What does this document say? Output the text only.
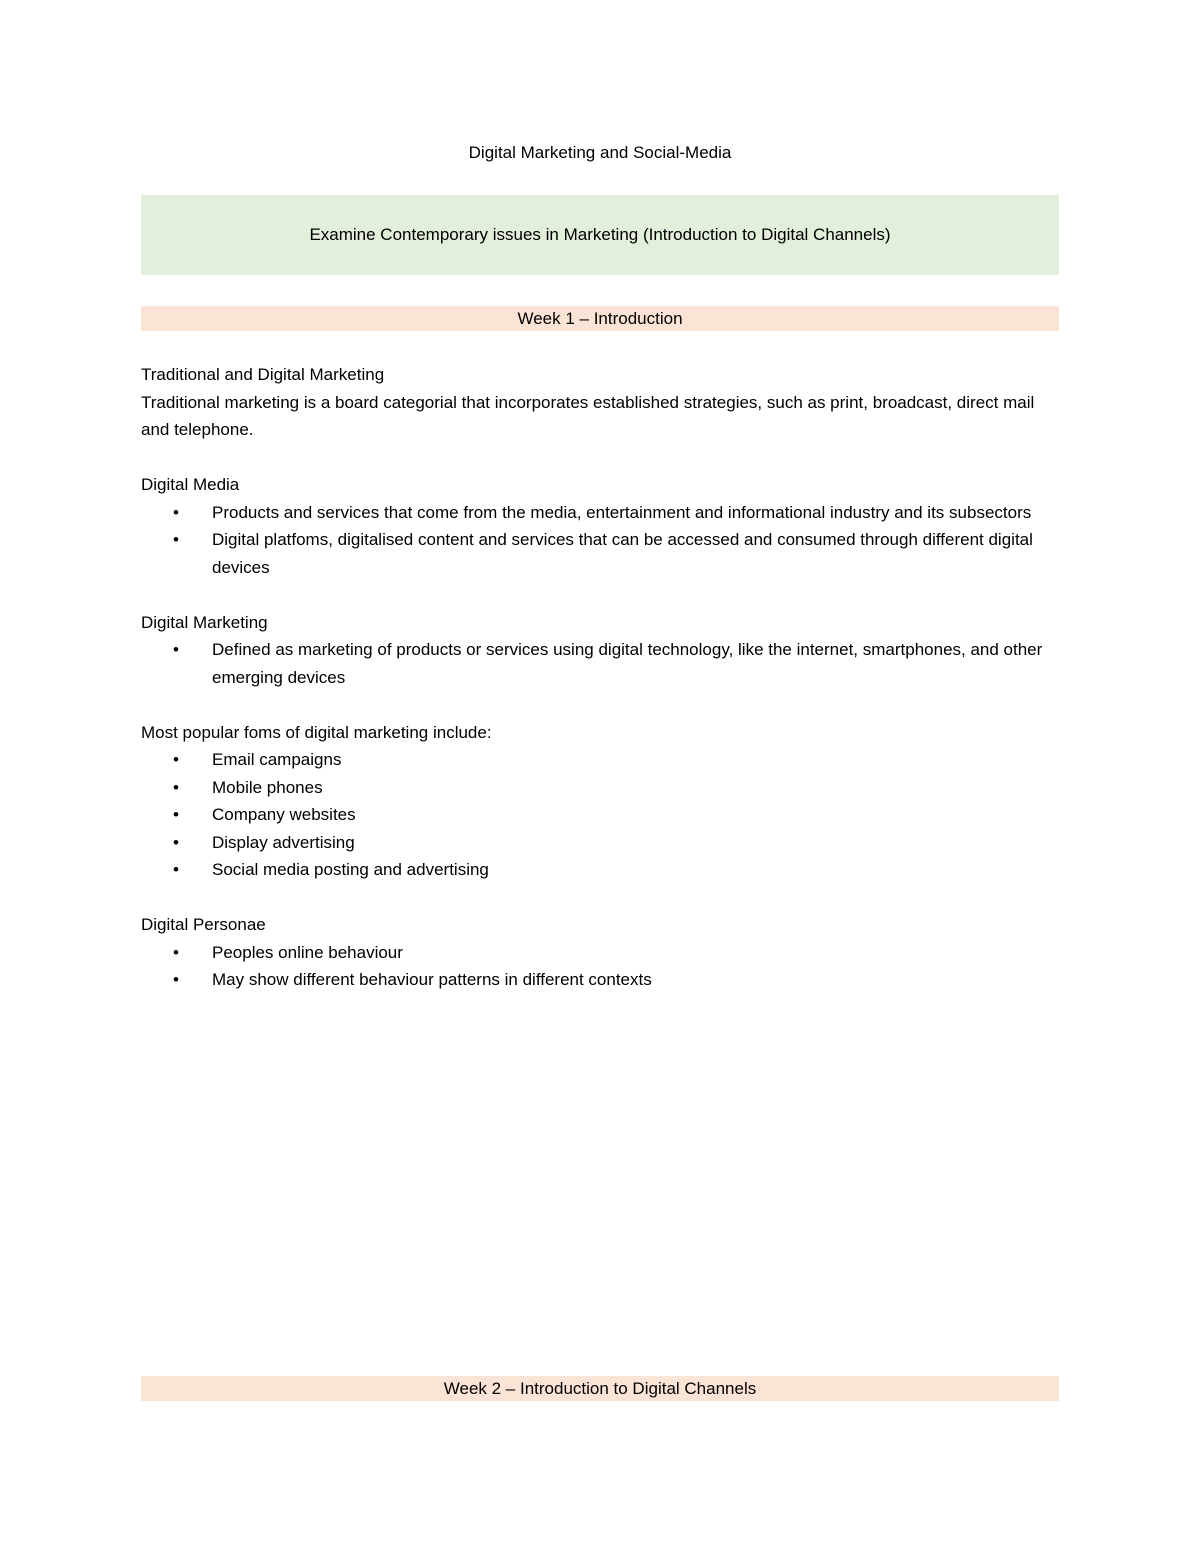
Digital Marketing and Social-Media
Examine Contemporary issues in Marketing (Introduction to Digital Channels)
Week 1 – Introduction

Traditional and Digital Marketing

Traditional marketing is a board categorial that incorporates established strategies, such as print, broadcast, direct mail and telephone.

Digital Media

• Products and services that come from the media, entertainment and informational industry and its subsectors
• Digital platfoms, digitalised content and services that can be accessed and consumed through different digital devices

Digital Marketing

• Defined as marketing of products or services using digital technology, like the internet, smartphones, and other emerging devices

Most popular foms of digital marketing include:

• Email campaigns
• Mobile phones
• Company websites
• Display advertising
• Social media posting and advertising

Digital Personae

• Peoples online behaviour
• May show different behaviour patterns in different contexts
Week 2 – Introduction to Digital Channels
